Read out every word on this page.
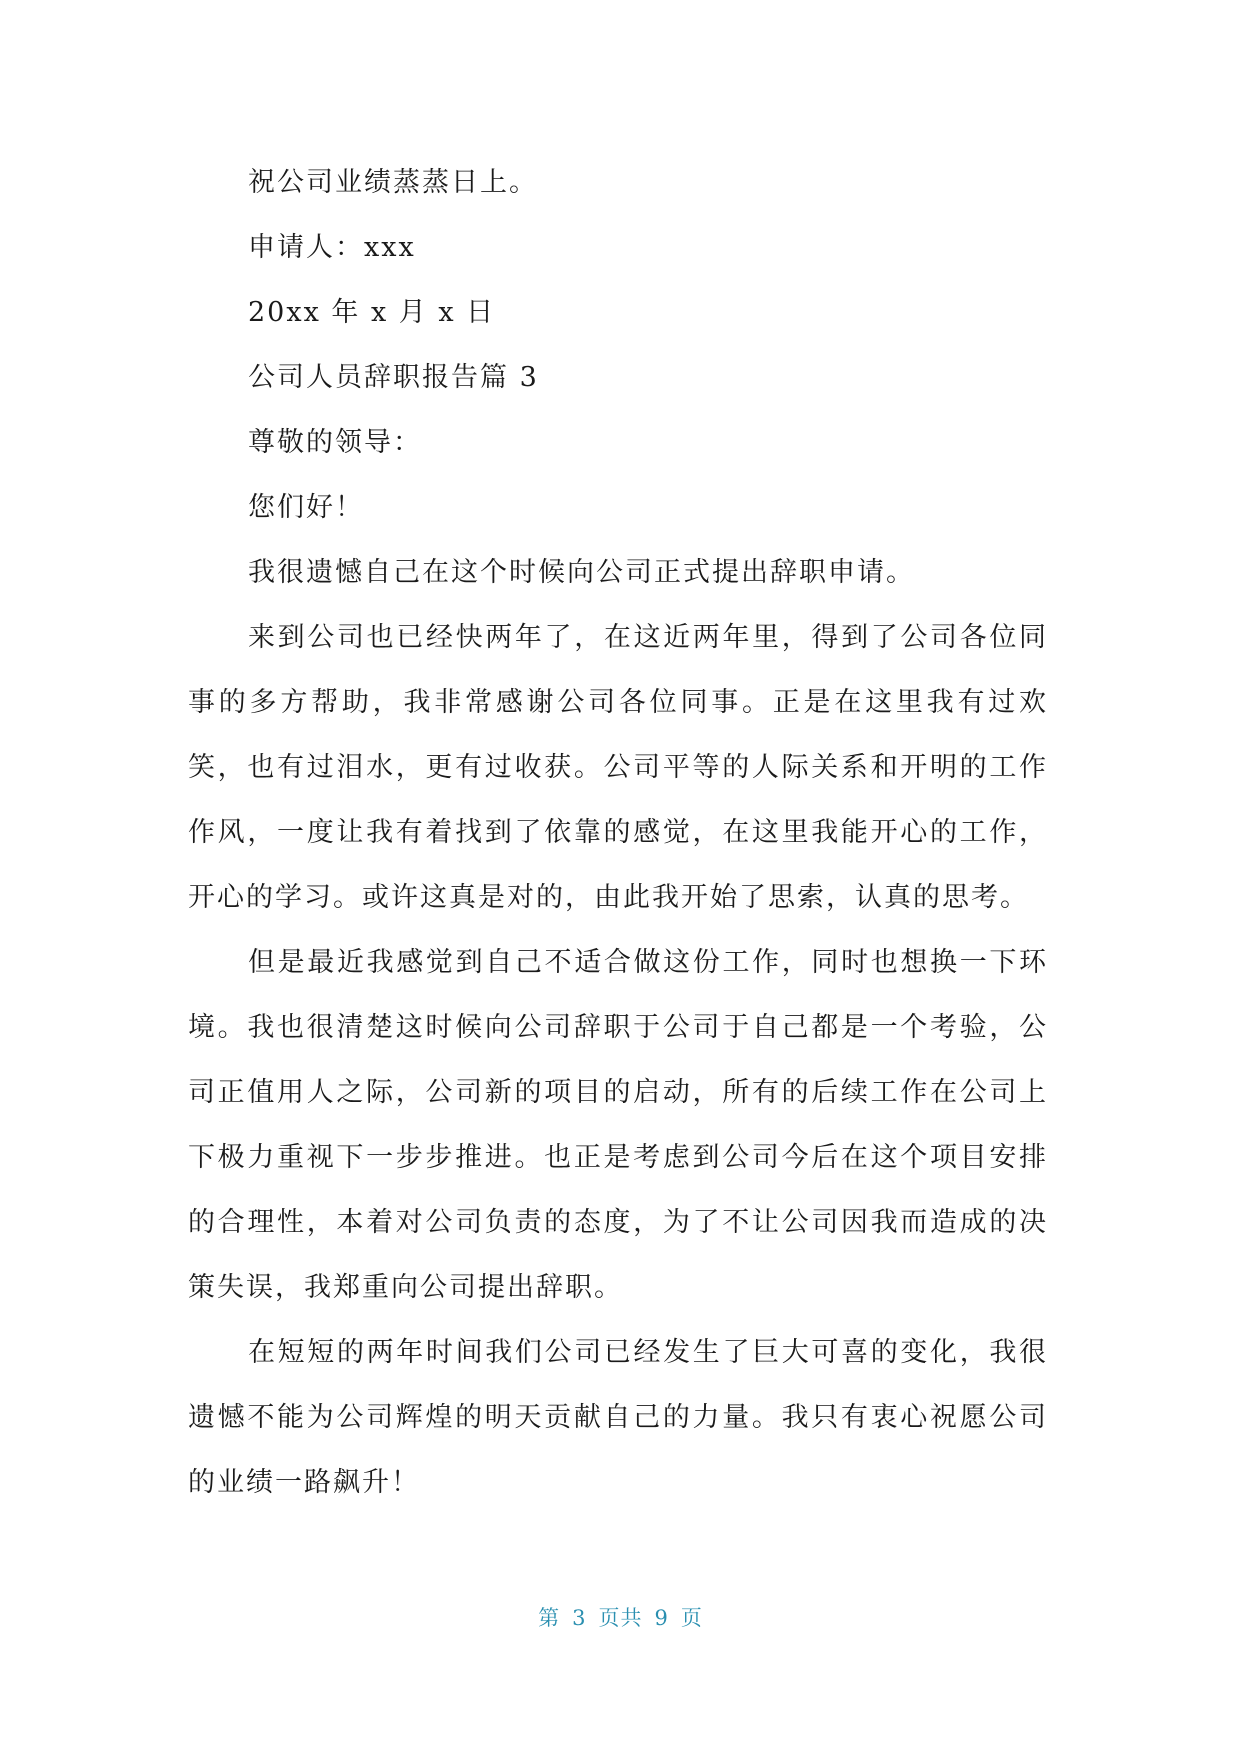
祝公司业绩蒸蒸日上。
申请人：xxx
20xx 年 x 月 x 日
公司人员辞职报告篇 3
尊敬的领导：
您们好！
我很遗憾自己在这个时候向公司正式提出辞职申请。
来到公司也已经快两年了，在这近两年里，得到了公司各位同事的多方帮助，我非常感谢公司各位同事。正是在这里我有过欢笑，也有过泪水，更有过收获。公司平等的人际关系和开明的工作作风，一度让我有着找到了依靠的感觉，在这里我能开心的工作，开心的学习。或许这真是对的，由此我开始了思索，认真的思考。
但是最近我感觉到自己不适合做这份工作，同时也想换一下环境。我也很清楚这时候向公司辞职于公司于自己都是一个考验，公司正值用人之际，公司新的项目的启动，所有的后续工作在公司上下极力重视下一步步推进。也正是考虑到公司今后在这个项目安排的合理性，本着对公司负责的态度，为了不让公司因我而造成的决策失误，我郑重向公司提出辞职。
在短短的两年时间我们公司已经发生了巨大可喜的变化，我很遗憾不能为公司辉煌的明天贡献自己的力量。我只有衷心祝愿公司的业绩一路飙升！
第 3 页共 9 页
